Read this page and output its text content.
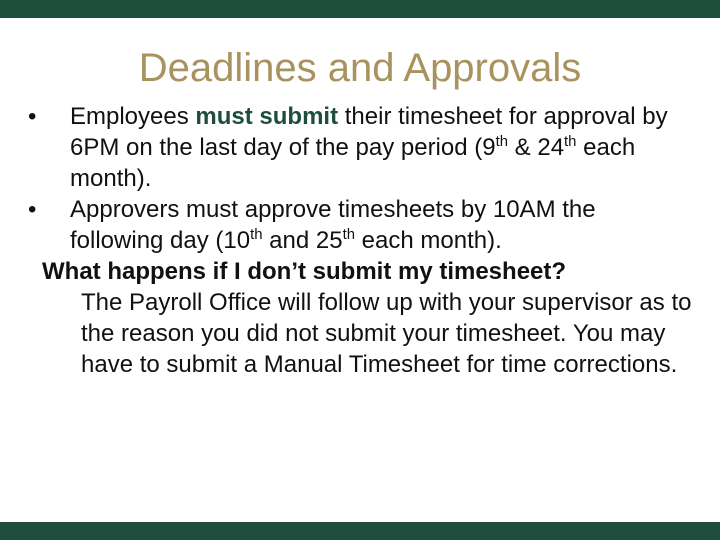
Deadlines and Approvals
•	Employees must submit their timesheet for approval by 6PM on the last day of the pay period (9th & 24th each month).
•	Approvers must approve timesheets by 10AM the following day (10th and 25th each month).
What happens if I don’t submit my timesheet?
The Payroll Office will follow up with your supervisor as to the reason you did not submit your timesheet. You may have to submit a Manual Timesheet for time corrections.
